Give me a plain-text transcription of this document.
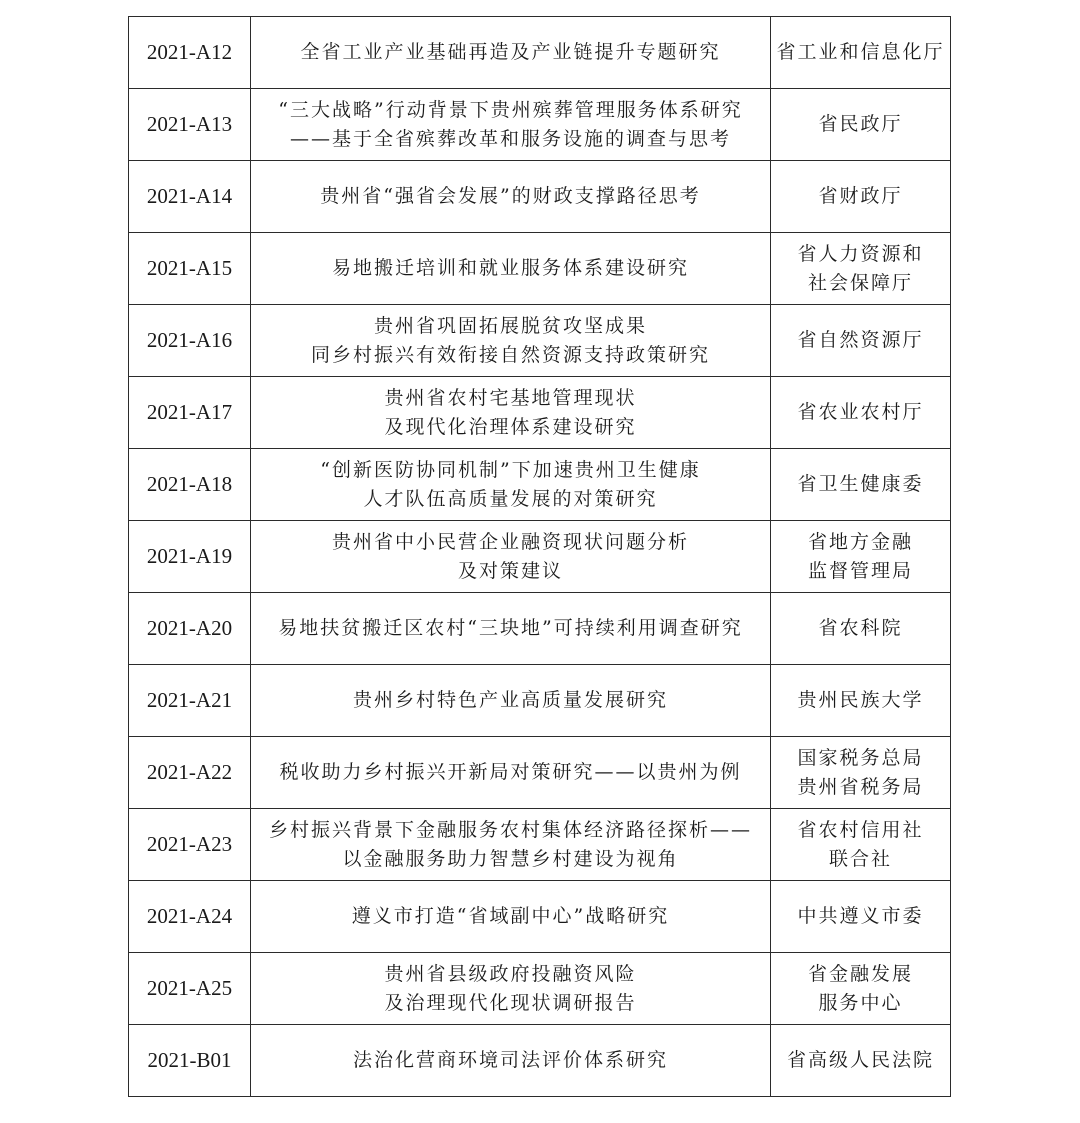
2021-A12	全省工业产业基础再造及产业链提升专题研究	省工业和信息化厅

2021-A13	“三大战略”行动背景下贵州殡葬管理服务体系研究
——基于全省殡葬改革和服务设施的调查与思考	省民政厅

2021-A14	贵州省“强省会发展”的财政支撑路径思考	省财政厅

2021-A15	易地搬迁培训和就业服务体系建设研究	省人力资源和
社会保障厅

2021-A16	贵州省巩固拓展脱贫攻坚成果
同乡村振兴有效衔接自然资源支持政策研究	省自然资源厅

2021-A17	贵州省农村宅基地管理现状
及现代化治理体系建设研究	省农业农村厅

2021-A18	“创新医防协同机制”下加速贵州卫生健康
人才队伍高质量发展的对策研究	省卫生健康委

2021-A19	贵州省中小民营企业融资现状问题分析
及对策建议	省地方金融
监督管理局

2021-A20	易地扶贫搬迁区农村“三块地”可持续利用调查研究	省农科院

2021-A21	贵州乡村特色产业高质量发展研究	贵州民族大学

2021-A22	税收助力乡村振兴开新局对策研究——以贵州为例	国家税务总局
贵州省税务局

2021-A23	乡村振兴背景下金融服务农村集体经济路径探析——
以金融服务助力智慧乡村建设为视角	省农村信用社
联合社

2021-A24	遵义市打造“省域副中心”战略研究	中共遵义市委

2021-A25	贵州省县级政府投融资风险
及治理现代化现状调研报告	省金融发展
服务中心

2021-B01	法治化营商环境司法评价体系研究	省高级人民法院
